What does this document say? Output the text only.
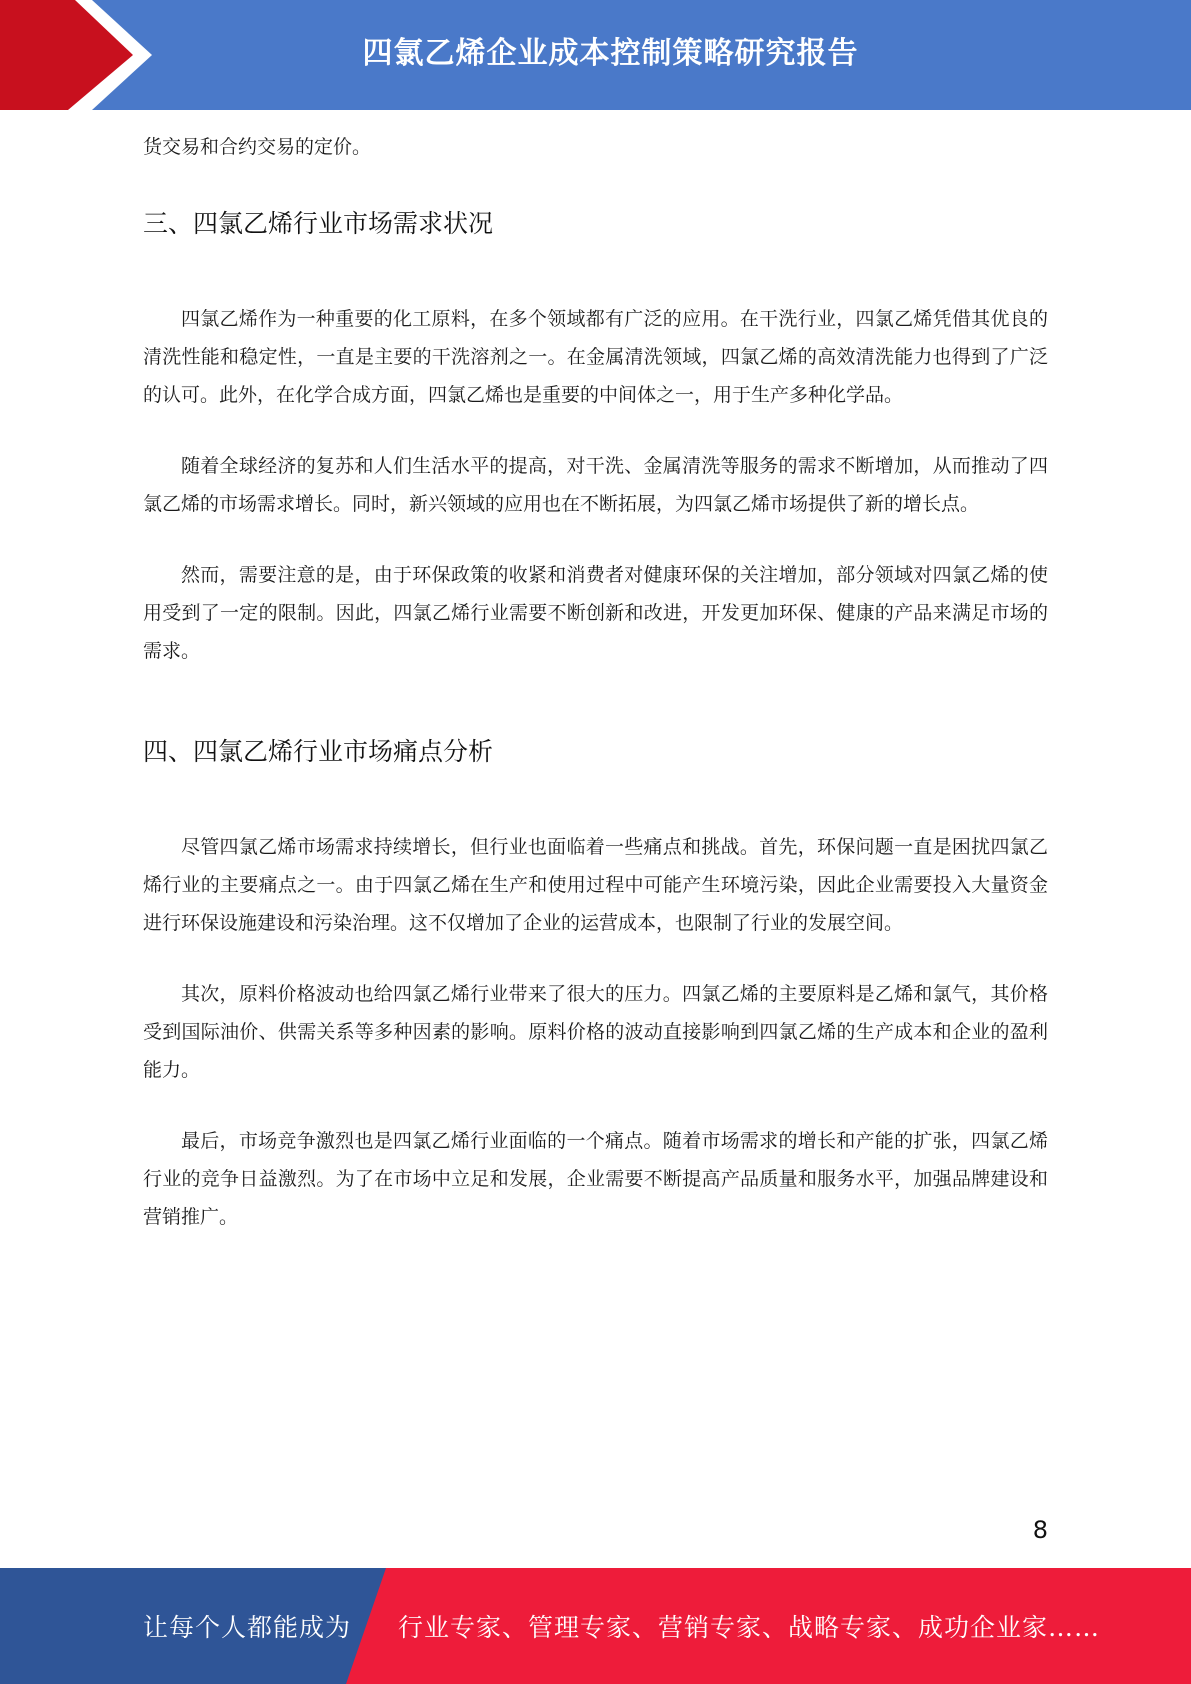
四氯乙烯企业成本控制策略研究报告

货交易和合约交易的定价。

三、四氯乙烯行业市场需求状况

四氯乙烯作为一种重要的化工原料，在多个领域都有广泛的应用。在干洗行业，四氯乙烯凭借其优良的清洗性能和稳定性，一直是主要的干洗溶剂之一。在金属清洗领域，四氯乙烯的高效清洗能力也得到了广泛的认可。此外，在化学合成方面，四氯乙烯也是重要的中间体之一，用于生产多种化学品。

随着全球经济的复苏和人们生活水平的提高，对干洗、金属清洗等服务的需求不断增加，从而推动了四氯乙烯的市场需求增长。同时，新兴领域的应用也在不断拓展，为四氯乙烯市场提供了新的增长点。

然而，需要注意的是，由于环保政策的收紧和消费者对健康环保的关注增加，部分领域对四氯乙烯的使用受到了一定的限制。因此，四氯乙烯行业需要不断创新和改进，开发更加环保、健康的产品来满足市场的需求。

四、四氯乙烯行业市场痛点分析

尽管四氯乙烯市场需求持续增长，但行业也面临着一些痛点和挑战。首先，环保问题一直是困扰四氯乙烯行业的主要痛点之一。由于四氯乙烯在生产和使用过程中可能产生环境污染，因此企业需要投入大量资金进行环保设施建设和污染治理。这不仅增加了企业的运营成本，也限制了行业的发展空间。

其次，原料价格波动也给四氯乙烯行业带来了很大的压力。四氯乙烯的主要原料是乙烯和氯气，其价格受到国际油价、供需关系等多种因素的影响。原料价格的波动直接影响到四氯乙烯的生产成本和企业的盈利能力。

最后，市场竞争激烈也是四氯乙烯行业面临的一个痛点。随着市场需求的增长和产能的扩张，四氯乙烯行业的竞争日益激烈。为了在市场中立足和发展，企业需要不断提高产品质量和服务水平，加强品牌建设和营销推广。

8
让每个人都能成为 行业专家、管理专家、营销专家、战略专家、成功企业家……
